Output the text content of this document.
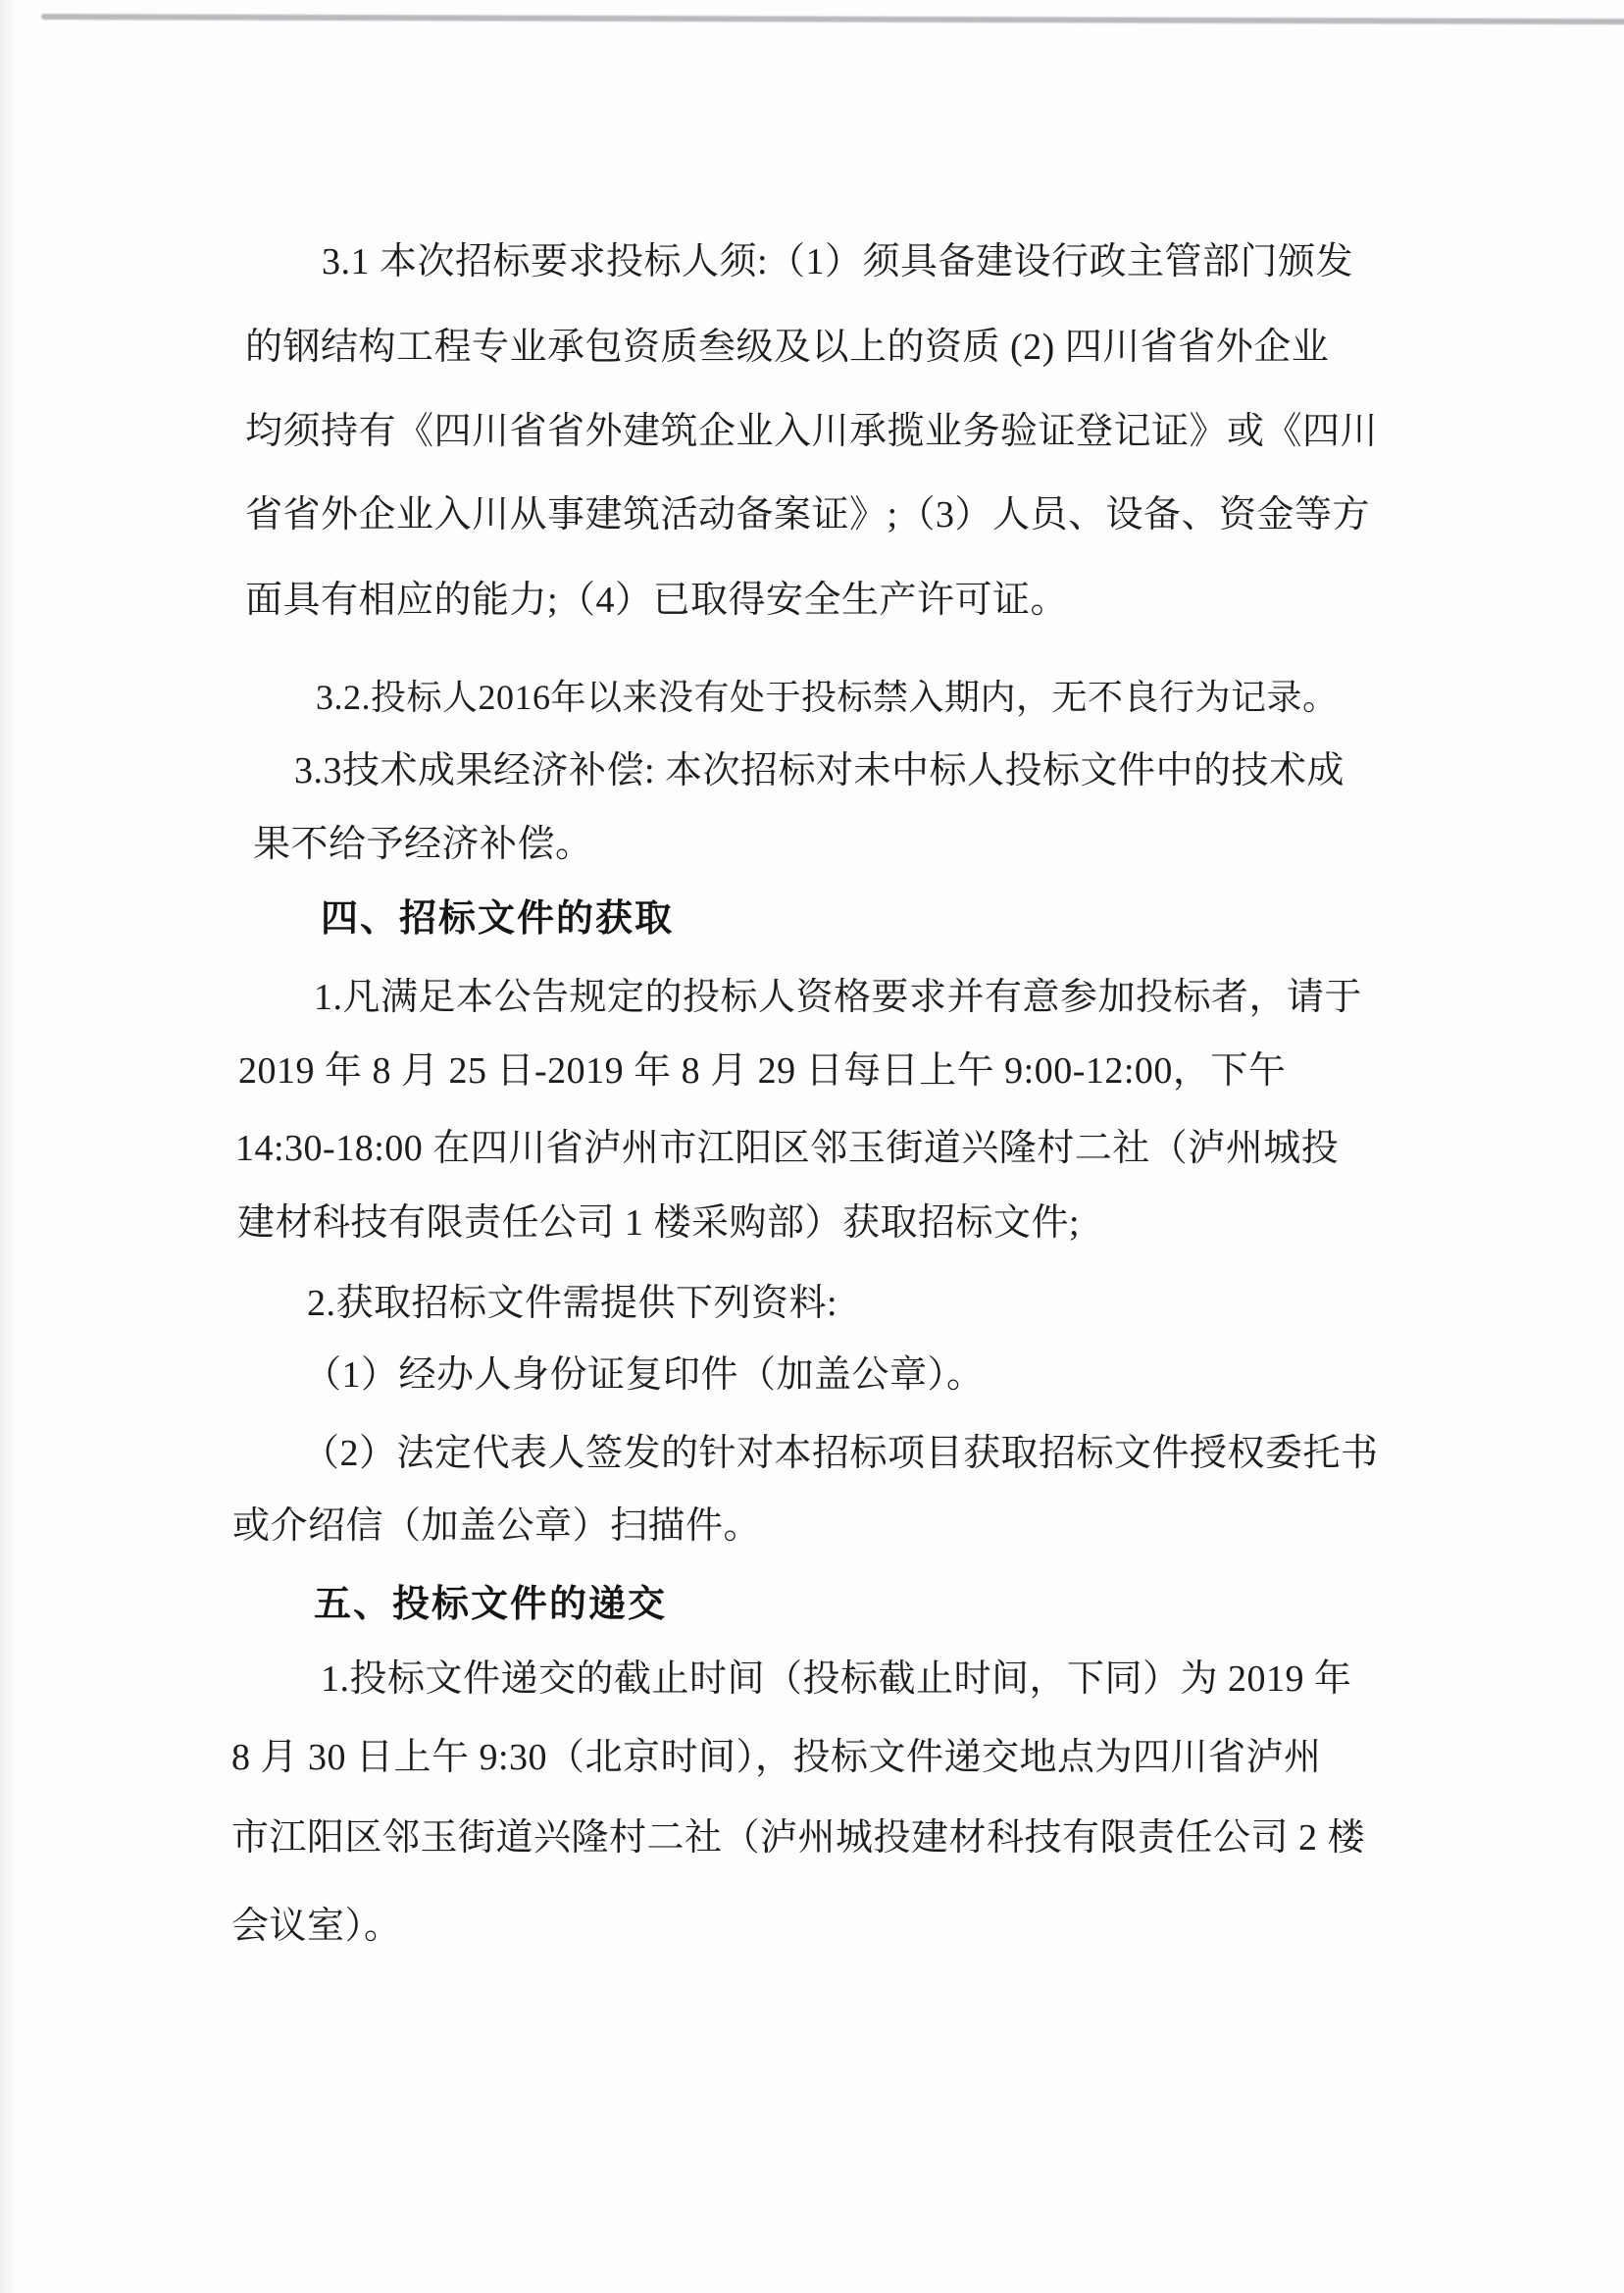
3.1 本次招标要求投标人须:（1）须具备建设行政主管部门颁发
的钢结构工程专业承包资质叁级及以上的资质 (2) 四川省省外企业
均须持有《四川省省外建筑企业入川承揽业务验证登记证》或《四川
省省外企业入川从事建筑活动备案证》;（3）人员、设备、资金等方
面具有相应的能力;（4）已取得安全生产许可证。
3.2.投标人2016年以来没有处于投标禁入期内，无不良行为记录。
3.3技术成果经济补偿: 本次招标对未中标人投标文件中的技术成
果不给予经济补偿。
四、招标文件的获取
1.凡满足本公告规定的投标人资格要求并有意参加投标者，请于
2019 年 8 月 25 日-2019 年 8 月 29 日每日上午 9:00-12:00，下午
14:30-18:00 在四川省泸州市江阳区邻玉街道兴隆村二社（泸州城投
建材科技有限责任公司 1 楼采购部）获取招标文件;
2.获取招标文件需提供下列资料:
（1）经办人身份证复印件（加盖公章）。
（2）法定代表人签发的针对本招标项目获取招标文件授权委托书
或介绍信（加盖公章）扫描件。
五、投标文件的递交
1.投标文件递交的截止时间（投标截止时间，下同）为 2019 年
8 月 30 日上午 9:30（北京时间），投标文件递交地点为四川省泸州
市江阳区邻玉街道兴隆村二社（泸州城投建材科技有限责任公司 2 楼
会议室）。
